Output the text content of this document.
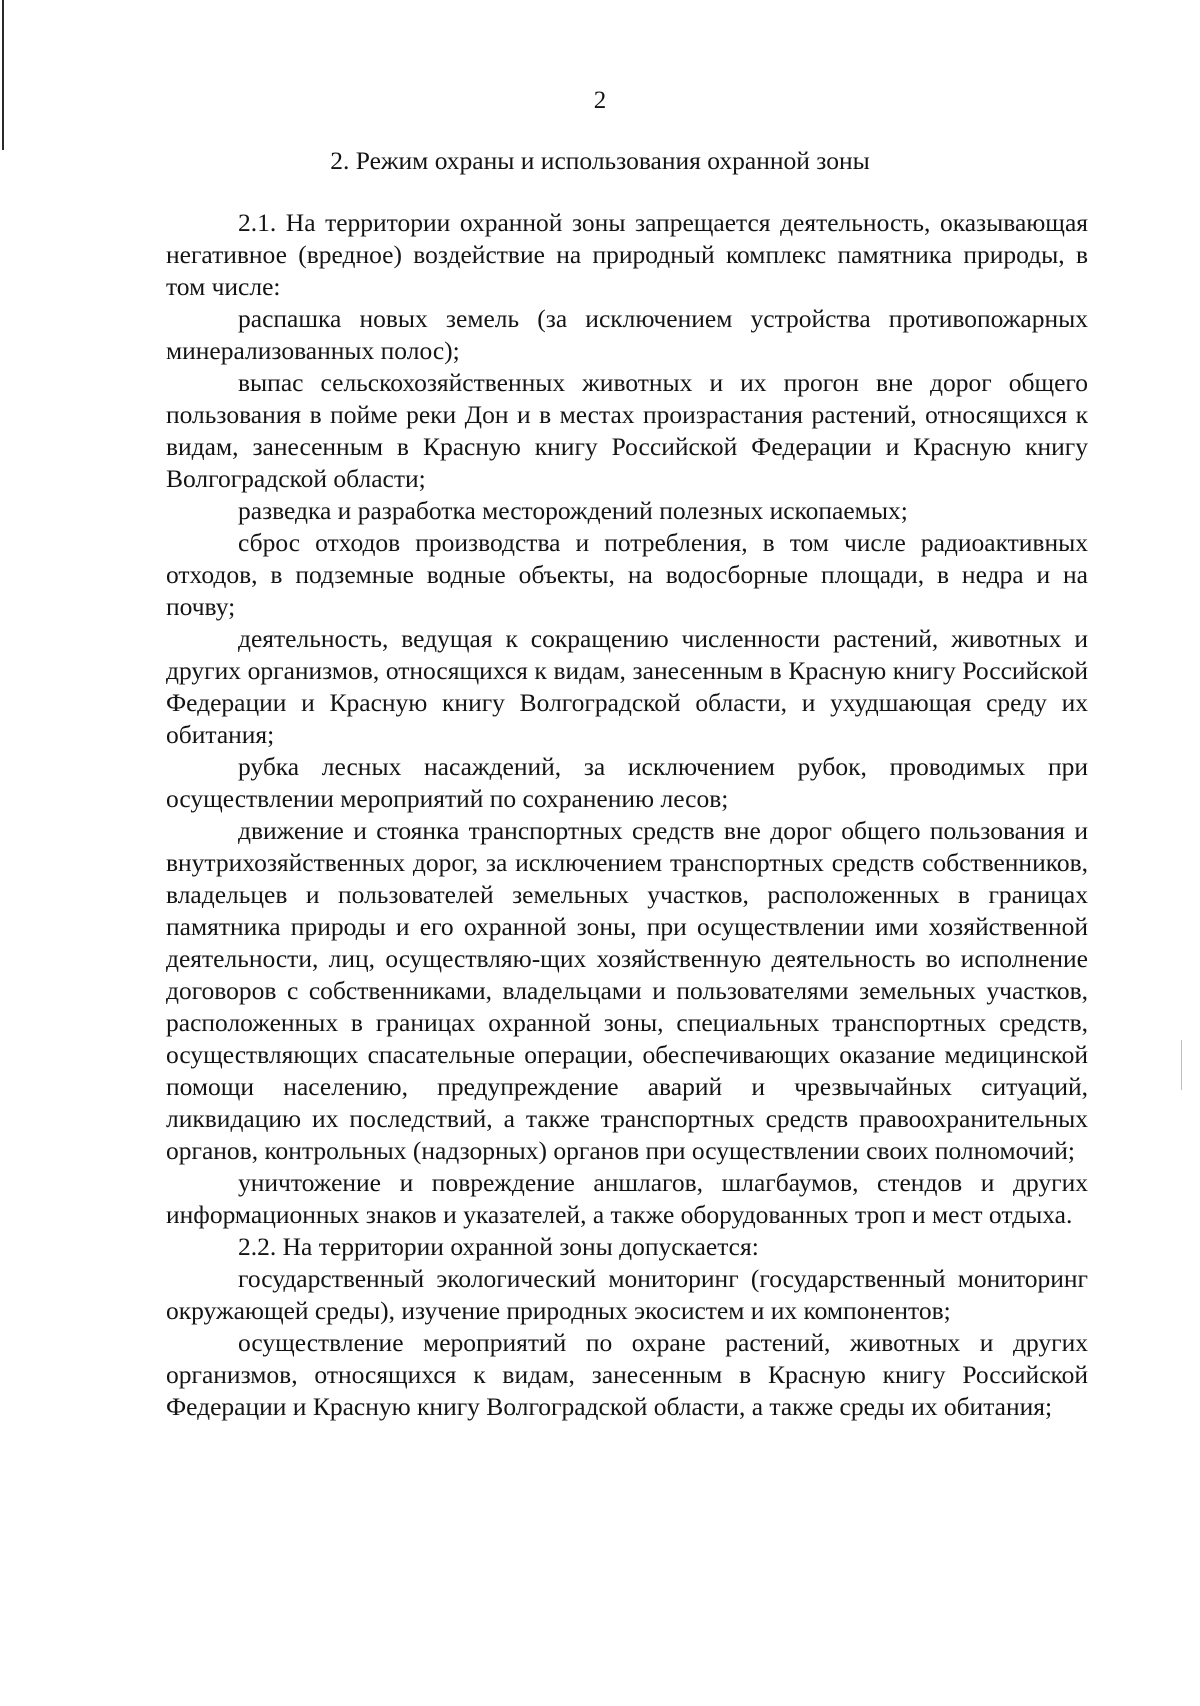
2
2. Режим охраны и использования охранной зоны

2.1. На территории охранной зоны запрещается деятельность, оказывающая негативное (вредное) воздействие на природный комплекс памятника природы, в том числе:

распашка новых земель (за исключением устройства противопожарных минерализованных полос);

выпас сельскохозяйственных животных и их прогон вне дорог общего пользования в пойме реки Дон и в местах произрастания растений, относящихся к видам, занесенным в Красную книгу Российской Федерации и Красную книгу Волгоградской области;

разведка и разработка месторождений полезных ископаемых;

сброс отходов производства и потребления, в том числе радиоактивных отходов, в подземные водные объекты, на водосборные площади, в недра и на почву;

деятельность, ведущая к сокращению численности растений, животных и других организмов, относящихся к видам, занесенным в Красную книгу Российской Федерации и Красную книгу Волгоградской области, и ухудшающая среду их обитания;

рубка лесных насаждений, за исключением рубок, проводимых при осуществлении мероприятий по сохранению лесов;

движение и стоянка транспортных средств вне дорог общего пользования и внутрихозяйственных дорог, за исключением транспортных средств собственников, владельцев и пользователей земельных участков, расположенных в границах памятника природы и его охранной зоны, при осуществлении ими хозяйственной деятельности, лиц, осуществляю-щих хозяйственную деятельность во исполнение договоров с собственниками, владельцами и пользователями земельных участков, расположенных в границах охранной зоны, специальных транспортных средств, осуществляющих спасательные операции, обеспечивающих оказание медицинской помощи населению, предупреждение аварий и чрезвычайных ситуаций, ликвидацию их последствий, а также транспортных средств правоохранительных органов, контрольных (надзорных) органов при осуществлении своих полномочий;

уничтожение и повреждение аншлагов, шлагбаумов, стендов и других информационных знаков и указателей, а также оборудованных троп и мест отдыха.

2.2. На территории охранной зоны допускается:

государственный экологический мониторинг (государственный мониторинг окружающей среды), изучение природных экосистем и их компонентов;

осуществление мероприятий по охране растений, животных и других организмов, относящихся к видам, занесенным в Красную книгу Российской Федерации и Красную книгу Волгоградской области, а также среды их обитания;
